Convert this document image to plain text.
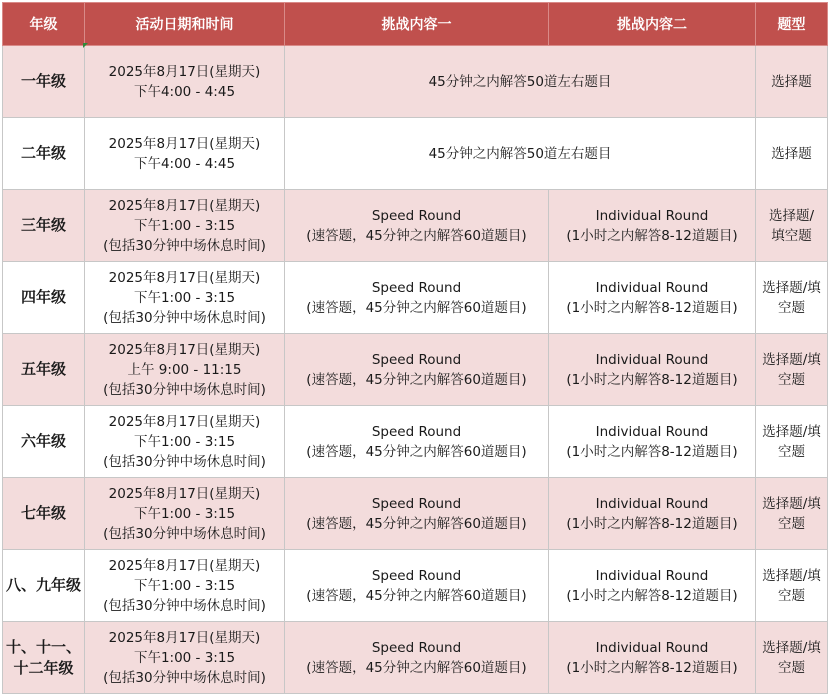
年级	活动日期和时间	挑战内容一	挑战内容二	题型

一年级	2025年8月17日(星期天)
下午4:00 - 4:45	45分钟之内解答50道左右题目		选择题

二年级	2025年8月17日(星期天)
下午4:00 - 4:45	45分钟之内解答50道左右题目		选择题

三年级	2025年8月17日(星期天)
下午1:00 - 3:15
(包括30分钟中场休息时间)	Speed Round
(速答题，45分钟之内解答60道题目)	Individual Round
(1小时之内解答8-12道题目)	选择题/
填空题

四年级	2025年8月17日(星期天)
下午1:00 - 3:15
(包括30分钟中场休息时间)	Speed Round
(速答题，45分钟之内解答60道题目)	Individual Round
(1小时之内解答8-12道题目)	选择题/填
空题

五年级	2025年8月17日(星期天)
上午 9:00 - 11:15
(包括30分钟中场休息时间)	Speed Round
(速答题，45分钟之内解答60道题目)	Individual Round
(1小时之内解答8-12道题目)	选择题/填
空题

六年级	2025年8月17日(星期天)
下午1:00 - 3:15
(包括30分钟中场休息时间)	Speed Round
(速答题，45分钟之内解答60道题目)	Individual Round
(1小时之内解答8-12道题目)	选择题/填
空题

七年级	2025年8月17日(星期天)
下午1:00 - 3:15
(包括30分钟中场休息时间)	Speed Round
(速答题，45分钟之内解答60道题目)	Individual Round
(1小时之内解答8-12道题目)	选择题/填
空题

八、九年级	2025年8月17日(星期天)
下午1:00 - 3:15
(包括30分钟中场休息时间)	Speed Round
(速答题，45分钟之内解答60道题目)	Individual Round
(1小时之内解答8-12道题目)	选择题/填
空题

十、十一、
十二年级	2025年8月17日(星期天)
下午1:00 - 3:15
(包括30分钟中场休息时间)	Speed Round
(速答题，45分钟之内解答60道题目)	Individual Round
(1小时之内解答8-12道题目)	选择题/填
空题
